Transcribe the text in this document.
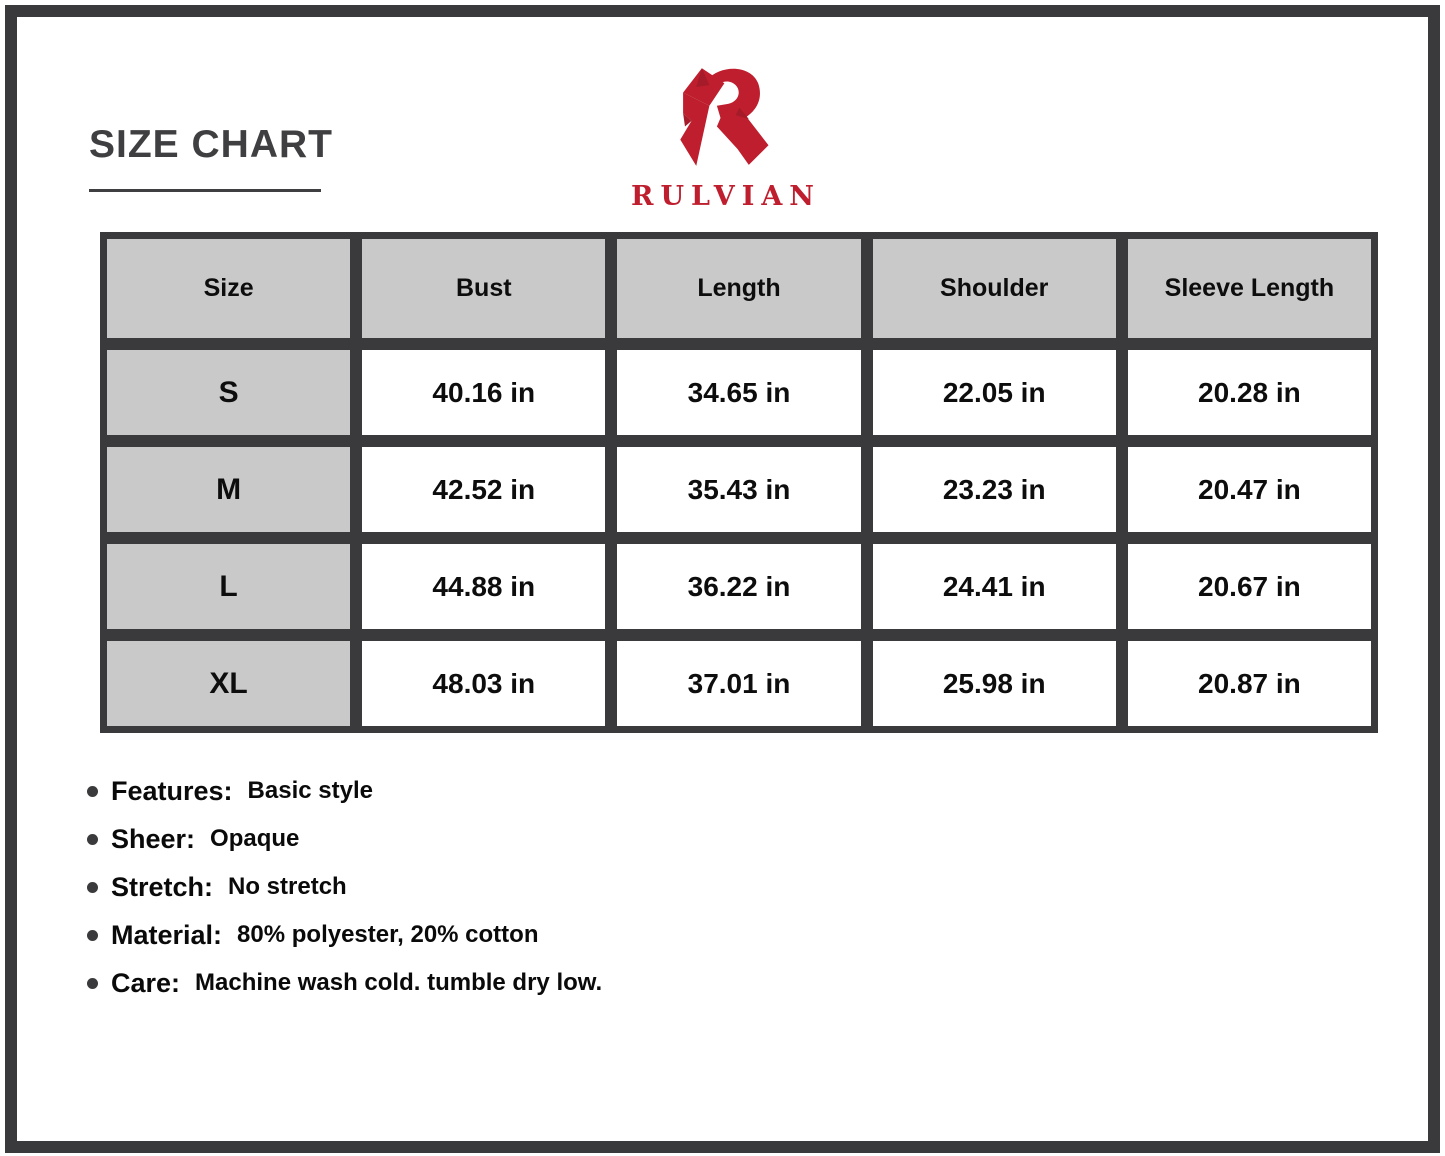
SIZE CHART
RULVIAN
Size	Bust	Length	Shoulder	Sleeve Length
S	40.16 in	34.65 in	22.05 in	20.28 in
M	42.52 in	35.43 in	23.23 in	20.47 in
L	44.88 in	36.22 in	24.41 in	20.67 in
XL	48.03 in	37.01 in	25.98 in	20.87 in
Features: Basic style
Sheer: Opaque
Stretch: No stretch
Material: 80% polyester, 20% cotton
Care: Machine wash cold. tumble dry low.
